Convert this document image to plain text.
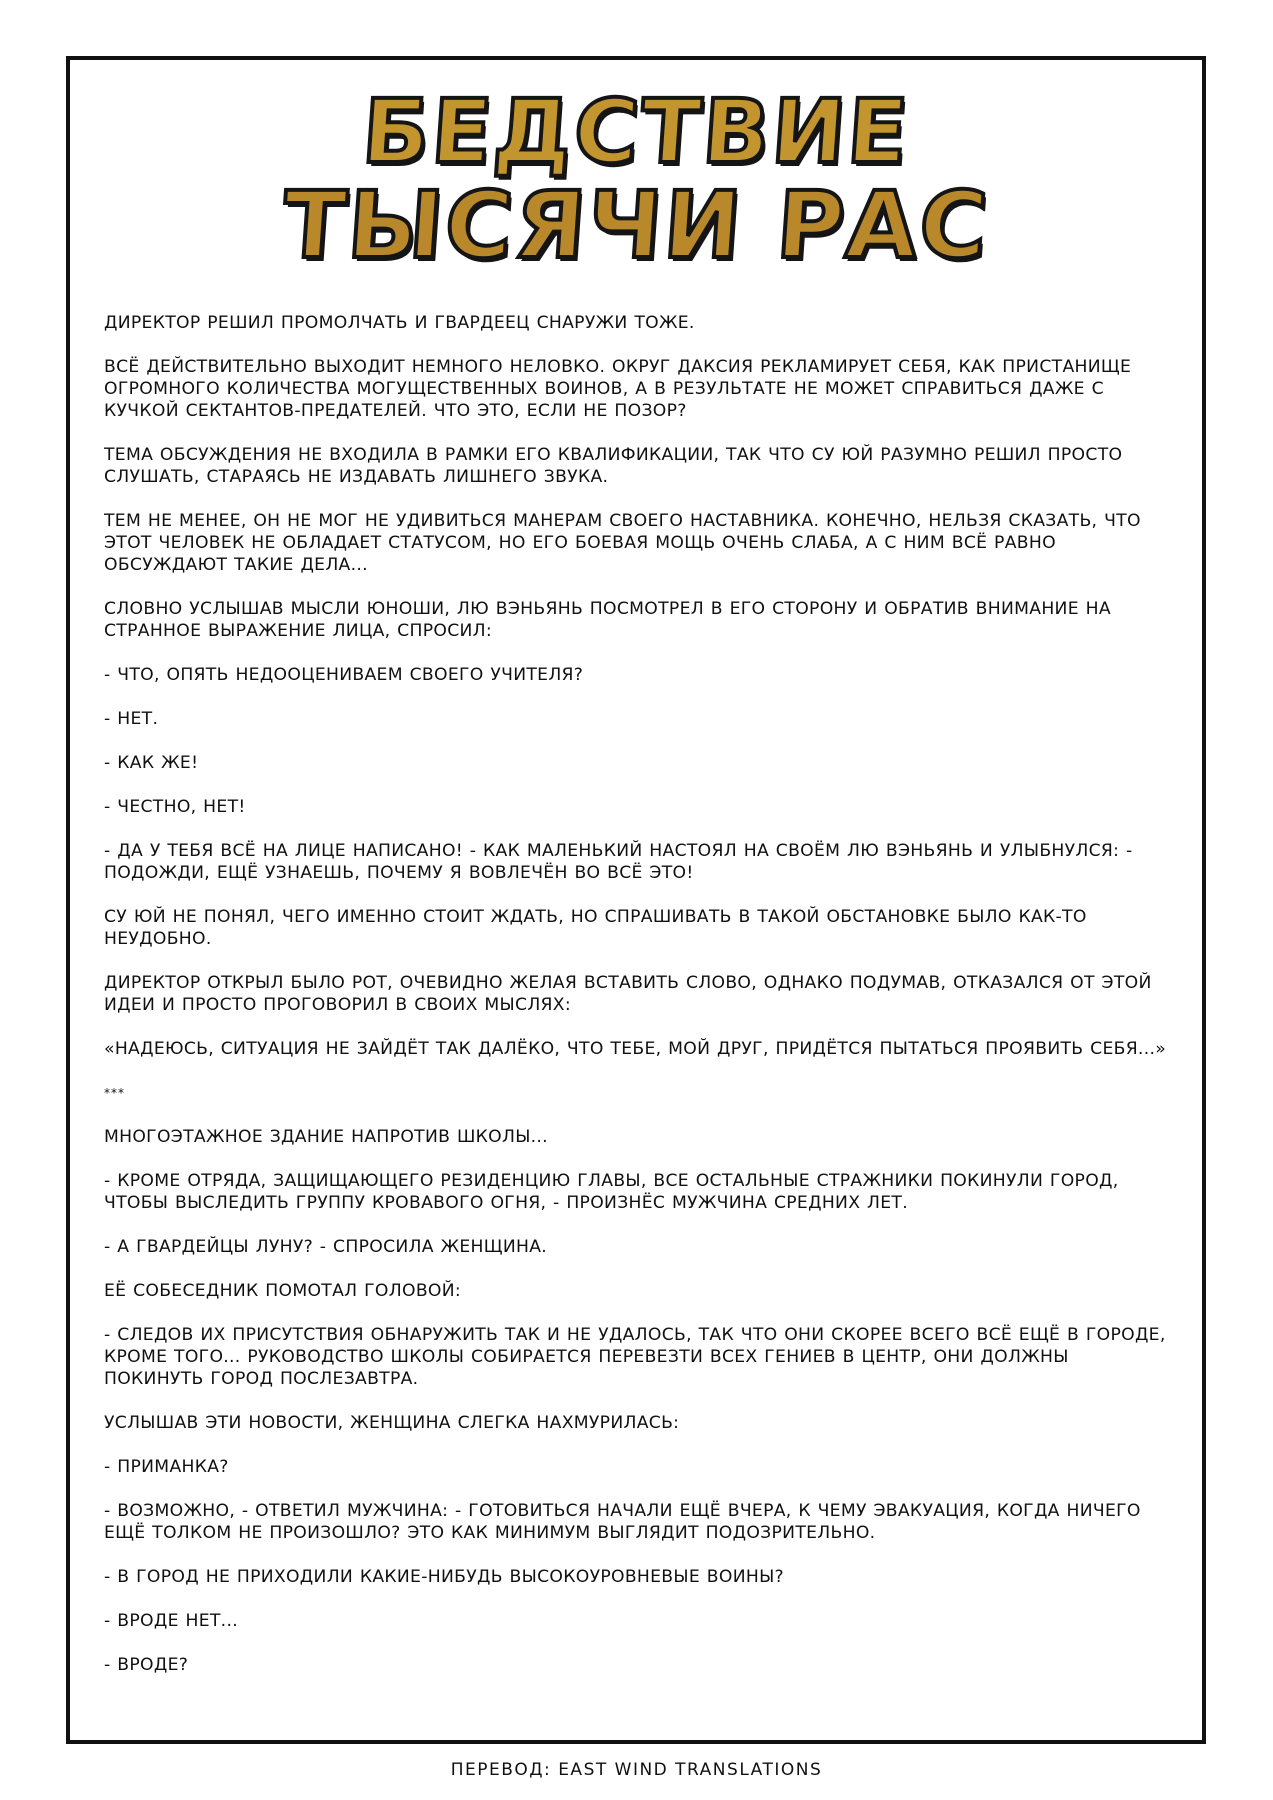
БЕДСТВИЕ
ТЫСЯЧИ РАС

ДИРЕКТОР РЕШИЛ ПРОМОЛЧАТЬ И ГВАРДЕЕЦ СНАРУЖИ ТОЖЕ.

ВСЁ ДЕЙСТВИТЕЛЬНО ВЫХОДИТ НЕМНОГО НЕЛОВКО. ОКРУГ ДАКСИЯ РЕКЛАМИРУЕТ СЕБЯ, КАК ПРИСТАНИЩЕ ОГРОМНОГО КОЛИЧЕСТВА МОГУЩЕСТВЕННЫХ ВОИНОВ, А В РЕЗУЛЬТАТЕ НЕ МОЖЕТ СПРАВИТЬСЯ ДАЖЕ С КУЧКОЙ СЕКТАНТОВ-ПРЕДАТЕЛЕЙ. ЧТО ЭТО, ЕСЛИ НЕ ПОЗОР?

ТЕМА ОБСУЖДЕНИЯ НЕ ВХОДИЛА В РАМКИ ЕГО КВАЛИФИКАЦИИ, ТАК ЧТО СУ ЮЙ РАЗУМНО РЕШИЛ ПРОСТО СЛУШАТЬ, СТАРАЯСЬ НЕ ИЗДАВАТЬ ЛИШНЕГО ЗВУКА.

ТЕМ НЕ МЕНЕЕ, ОН НЕ МОГ НЕ УДИВИТЬСЯ МАНЕРАМ СВОЕГО НАСТАВНИКА. КОНЕЧНО, НЕЛЬЗЯ СКАЗАТЬ, ЧТО ЭТОТ ЧЕЛОВЕК НЕ ОБЛАДАЕТ СТАТУСОМ, НО ЕГО БОЕВАЯ МОЩЬ ОЧЕНЬ СЛАБА, А С НИМ ВСЁ РАВНО ОБСУЖДАЮТ ТАКИЕ ДЕЛА...

СЛОВНО УСЛЫШАВ МЫСЛИ ЮНОШИ, ЛЮ ВЭНЬЯНЬ ПОСМОТРЕЛ В ЕГО СТОРОНУ И ОБРАТИВ ВНИМАНИЕ НА СТРАННОЕ ВЫРАЖЕНИЕ ЛИЦА, СПРОСИЛ:

- ЧТО, ОПЯТЬ НЕДООЦЕНИВАЕМ СВОЕГО УЧИТЕЛЯ?

- НЕТ.

- КАК ЖЕ!

- ЧЕСТНО, НЕТ!

- ДА У ТЕБЯ ВСЁ НА ЛИЦЕ НАПИСАНО! - КАК МАЛЕНЬКИЙ НАСТОЯЛ НА СВОЁМ ЛЮ ВЭНЬЯНЬ И УЛЫБНУЛСЯ: - ПОДОЖДИ, ЕЩЁ УЗНАЕШЬ, ПОЧЕМУ Я ВОВЛЕЧЁН ВО ВСЁ ЭТО!

СУ ЮЙ НЕ ПОНЯЛ, ЧЕГО ИМЕННО СТОИТ ЖДАТЬ, НО СПРАШИВАТЬ В ТАКОЙ ОБСТАНОВКЕ БЫЛО КАК-ТО НЕУДОБНО.

ДИРЕКТОР ОТКРЫЛ БЫЛО РОТ, ОЧЕВИДНО ЖЕЛАЯ ВСТАВИТЬ СЛОВО, ОДНАКО ПОДУМАВ, ОТКАЗАЛСЯ ОТ ЭТОЙ ИДЕИ И ПРОСТО ПРОГОВОРИЛ В СВОИХ МЫСЛЯХ:

«НАДЕЮСЬ, СИТУАЦИЯ НЕ ЗАЙДЁТ ТАК ДАЛЁКО, ЧТО ТЕБЕ, МОЙ ДРУГ, ПРИДЁТСЯ ПЫТАТЬСЯ ПРОЯВИТЬ СЕБЯ...»

***

МНОГОЭТАЖНОЕ ЗДАНИЕ НАПРОТИВ ШКОЛЫ...

- КРОМЕ ОТРЯДА, ЗАЩИЩАЮЩЕГО РЕЗИДЕНЦИЮ ГЛАВЫ, ВСЕ ОСТАЛЬНЫЕ СТРАЖНИКИ ПОКИНУЛИ ГОРОД, ЧТОБЫ ВЫСЛЕДИТЬ ГРУППУ КРОВАВОГО ОГНЯ, - ПРОИЗНЁС МУЖЧИНА СРЕДНИХ ЛЕТ.

- А ГВАРДЕЙЦЫ ЛУНУ? - СПРОСИЛА ЖЕНЩИНА.

ЕЁ СОБЕСЕДНИК ПОМОТАЛ ГОЛОВОЙ:

- СЛЕДОВ ИХ ПРИСУТСТВИЯ ОБНАРУЖИТЬ ТАК И НЕ УДАЛОСЬ, ТАК ЧТО ОНИ СКОРЕЕ ВСЕГО ВСЁ ЕЩЁ В ГОРОДЕ, КРОМЕ ТОГО... РУКОВОДСТВО ШКОЛЫ СОБИРАЕТСЯ ПЕРЕВЕЗТИ ВСЕХ ГЕНИЕВ В ЦЕНТР, ОНИ ДОЛЖНЫ ПОКИНУТЬ ГОРОД ПОСЛЕЗАВТРА.

УСЛЫШАВ ЭТИ НОВОСТИ, ЖЕНЩИНА СЛЕГКА НАХМУРИЛАСЬ:

- ПРИМАНКА?

- ВОЗМОЖНО, - ОТВЕТИЛ МУЖЧИНА: - ГОТОВИТЬСЯ НАЧАЛИ ЕЩЁ ВЧЕРА, К ЧЕМУ ЭВАКУАЦИЯ, КОГДА НИЧЕГО ЕЩЁ ТОЛКОМ НЕ ПРОИЗОШЛО? ЭТО КАК МИНИМУМ ВЫГЛЯДИТ ПОДОЗРИТЕЛЬНО.

- В ГОРОД НЕ ПРИХОДИЛИ КАКИЕ-НИБУДЬ ВЫСОКОУРОВНЕВЫЕ ВОИНЫ?

- ВРОДЕ НЕТ...

- ВРОДЕ?

ПЕРЕВОД: EAST WIND TRANSLATIONS
